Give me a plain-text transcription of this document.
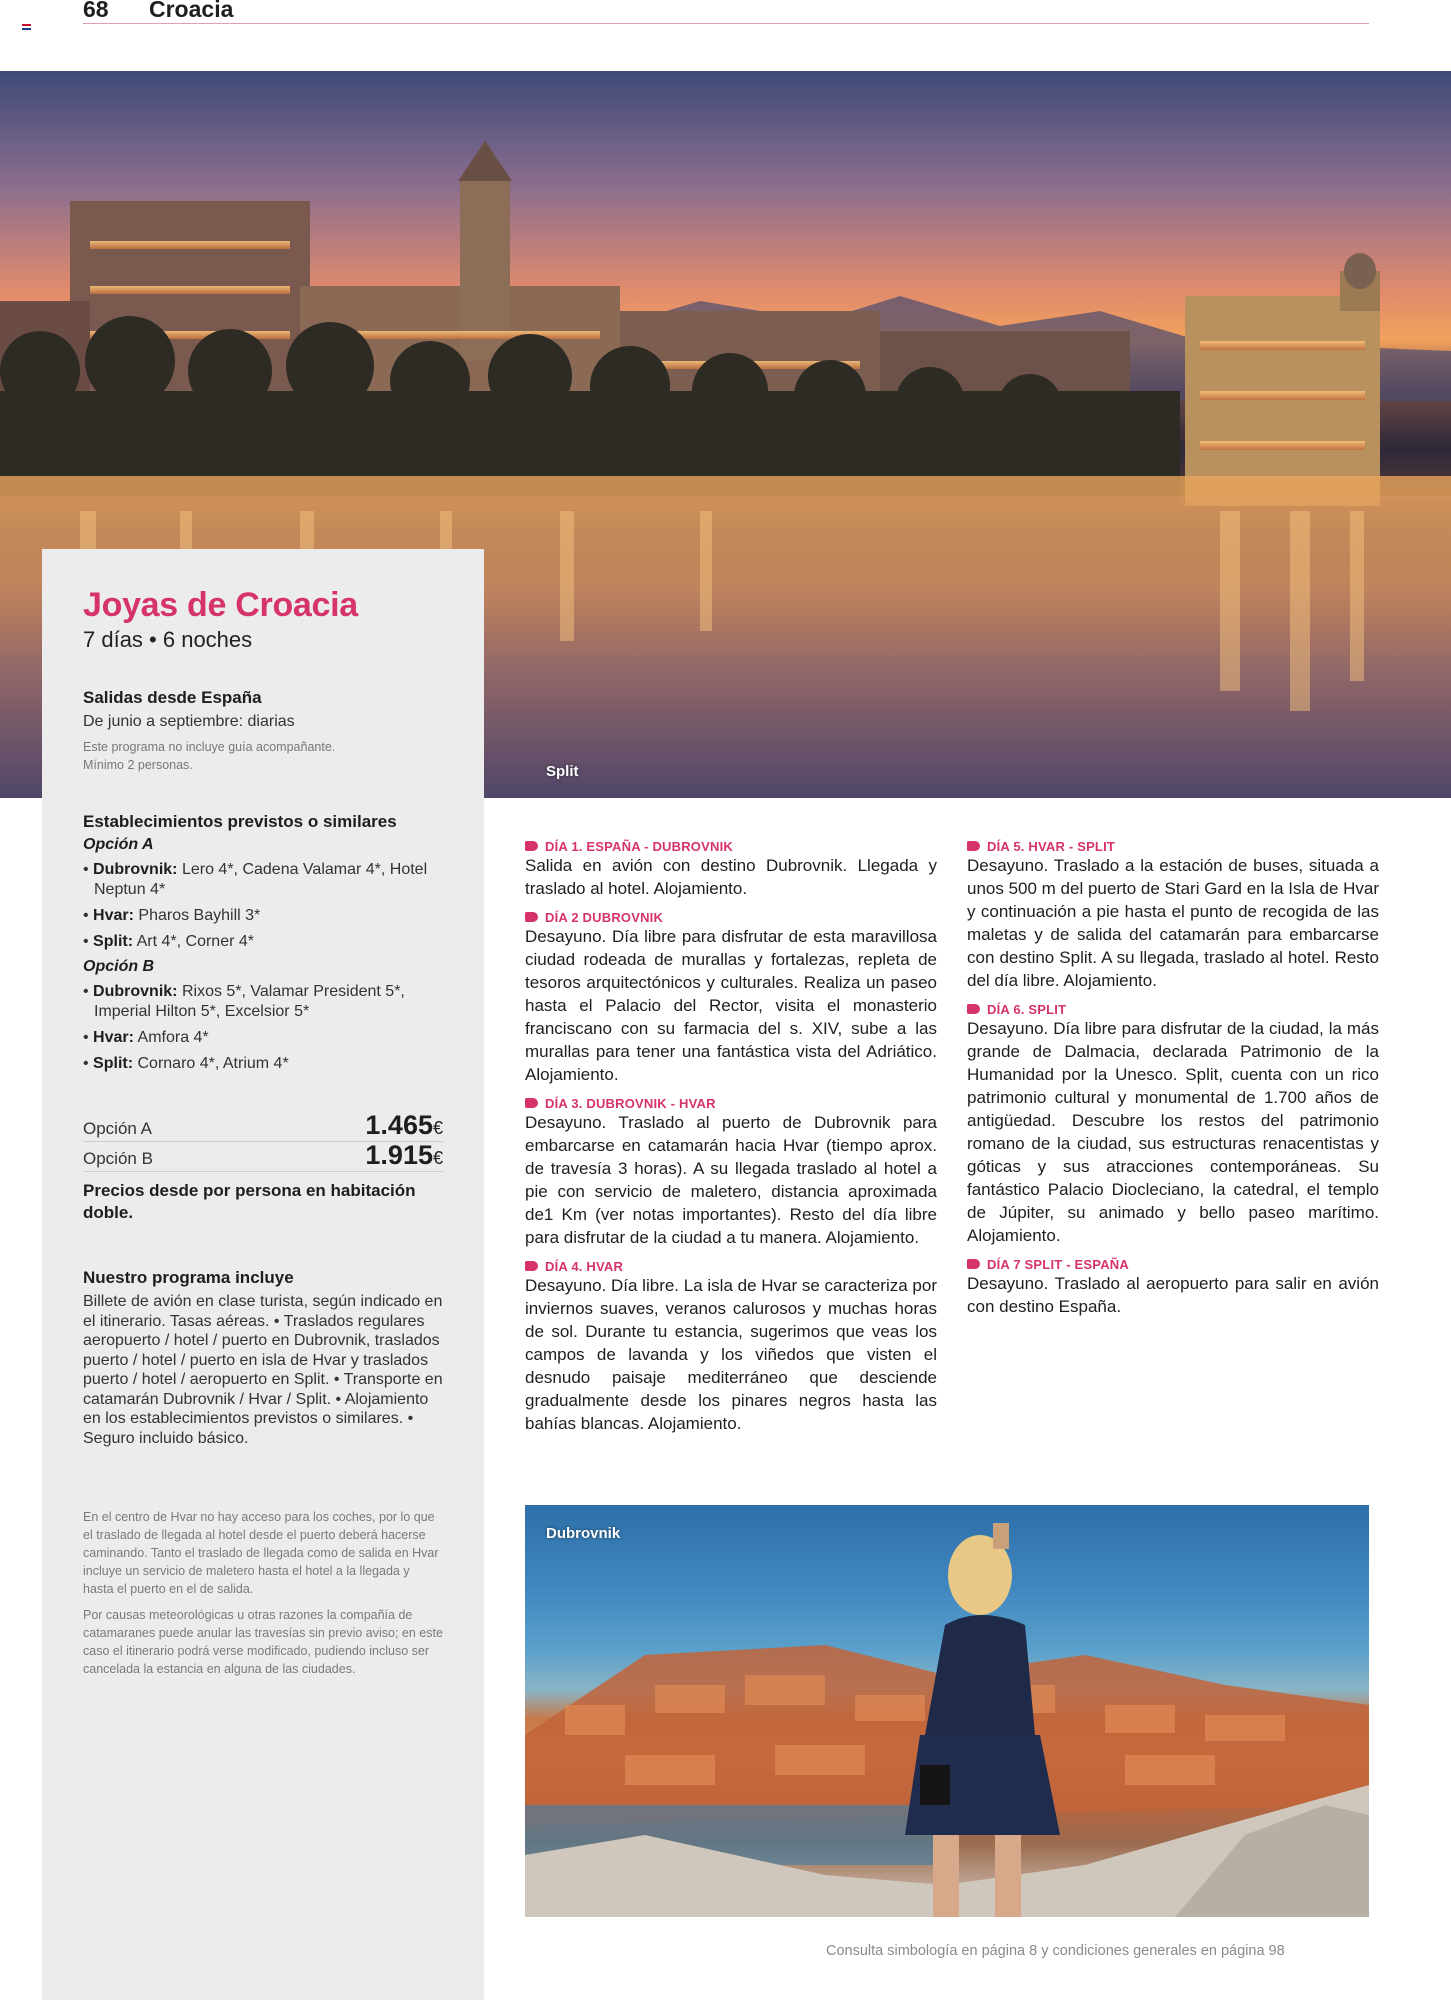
68 Croacia
Split
Joyas de Croacia
7 días • 6 noches
Salidas desde España
De junio a septiembre: diarias
Este programa no incluye guía acompañante.
Mínimo 2 personas.
Establecimientos previstos o similares
Opción A
• Dubrovnik: Lero 4*, Cadena Valamar 4*, Hotel Neptun 4*
• Hvar: Pharos Bayhill 3*
• Split: Art 4*, Corner 4*
Opción B
• Dubrovnik: Rixos 5*, Valamar President 5*, Imperial Hilton 5*, Excelsior 5*
• Hvar: Amfora 4*
• Split: Cornaro 4*, Atrium 4*
Opción A	1.465€
Opción B	1.915€
Precios desde por persona en habitación doble.
Nuestro programa incluye
Billete de avión en clase turista, según indicado en el itinerario. Tasas aéreas. • Traslados regulares aeropuerto / hotel / puerto en Dubrovnik, traslados puerto / hotel / puerto en isla de Hvar y traslados puerto / hotel / aeropuerto en Split. • Transporte en catamarán Dubrovnik / Hvar / Split. • Alojamiento en los establecimientos previstos o similares. • Seguro incluido básico.

En el centro de Hvar no hay acceso para los coches, por lo que el traslado de llegada al hotel desde el puerto deberá hacerse caminando. Tanto el traslado de llegada como de salida en Hvar incluye un servicio de maletero hasta el hotel a la llegada y hasta el puerto en el de salida.

Por causas meteorológicas u otras razones la compañía de catamaranes puede anular las travesías sin previo aviso; en este caso el itinerario podrá verse modificado, pudiendo incluso ser cancelada la estancia en alguna de las ciudades.

DÍA 1. ESPAÑA - DUBROVNIK
Salida en avión con destino Dubrovnik. Llegada y traslado al hotel. Alojamiento.
DÍA 2 DUBROVNIK
Desayuno. Día libre para disfrutar de esta maravillosa ciudad rodeada de murallas y fortalezas, repleta de tesoros arquitectónicos y culturales. Realiza un paseo hasta el Palacio del Rector, visita el monasterio franciscano con su farmacia del s. XIV, sube a las murallas para tener una fantástica vista del Adriático. Alojamiento.
DÍA 3. DUBROVNIK - HVAR
Desayuno. Traslado al puerto de Dubrovnik para embarcarse en catamarán hacia Hvar (tiempo aprox. de travesía 3 horas). A su llegada traslado al hotel a pie con servicio de maletero, distancia aproximada de1 Km (ver notas importantes). Resto del día libre para disfrutar de la ciudad a tu manera. Alojamiento.
DÍA 4. HVAR
Desayuno. Día libre. La isla de Hvar se caracteriza por inviernos suaves, veranos calurosos y muchas horas de sol. Durante tu estancia, sugerimos que veas los campos de lavanda y los viñedos que visten el desnudo paisaje mediterráneo que desciende gradualmente desde los pinares negros hasta las bahías blancas. Alojamiento.
DÍA 5. HVAR - SPLIT
Desayuno. Traslado a la estación de buses, situada a unos 500 m del puerto de Stari Gard en la Isla de Hvar y continuación a pie hasta el punto de recogida de las maletas y de salida del catamarán para embarcarse con destino Split. A su llegada, traslado al hotel. Resto del día libre. Alojamiento.
DÍA 6. SPLIT
Desayuno. Día libre para disfrutar de la ciudad, la más grande de Dalmacia, declarada Patrimonio de la Humanidad por la Unesco. Split, cuenta con un rico patrimonio cultural y monumental de 1.700 años de antigüedad. Descubre los restos del patrimonio romano de la ciudad, sus estructuras renacentistas y góticas y sus atracciones contemporáneas. Su fantástico Palacio Diocleciano, la catedral, el templo de Júpiter, su animado y bello paseo marítimo. Alojamiento.
DÍA 7 SPLIT - ESPAÑA
Desayuno. Traslado al aeropuerto para salir en avión con destino España.
Dubrovnik
Consulta simbología en página 8 y condiciones generales en página 98
